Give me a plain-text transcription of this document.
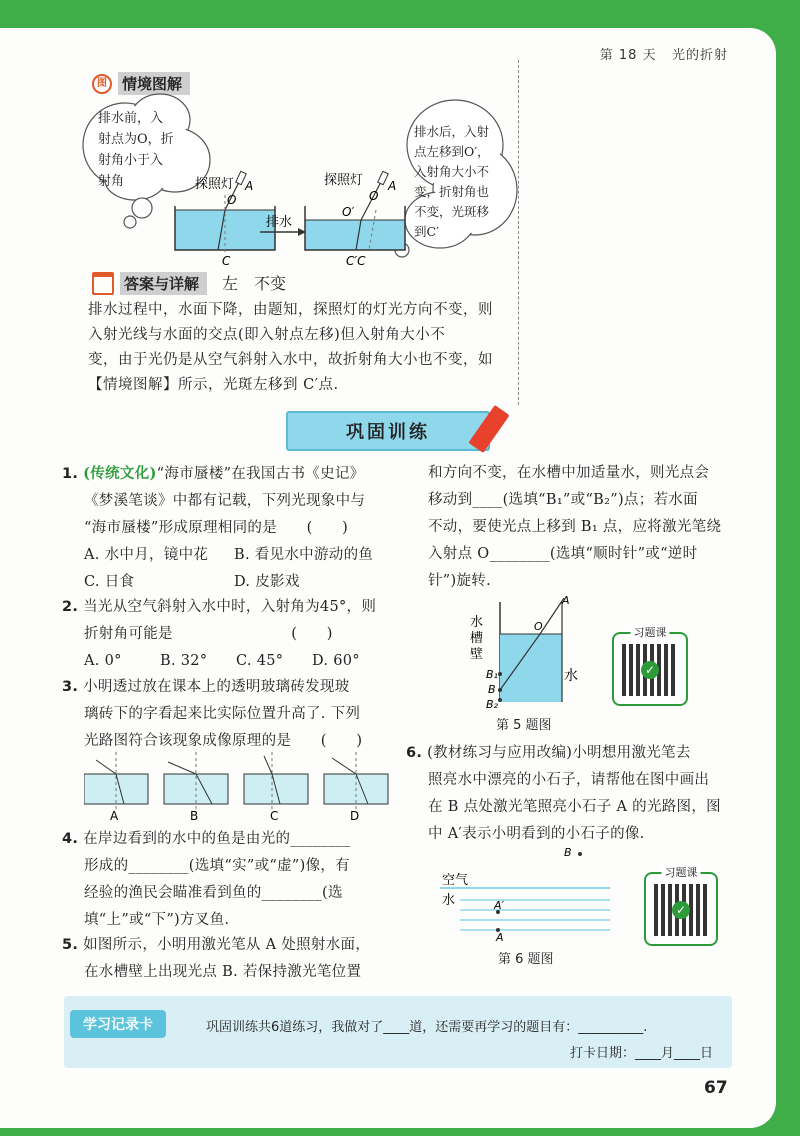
第 18 天 光的折射
图	情境图解
探照灯 A
O
C
排水
探照灯 A
O′
O
C′C
排水前，入
射点为O，折
射角小于入
射角
排水后，入射
点左移到O′，
入射角大小不
变，折射角也
不变，光斑移
到C′
答案与详解	左　不变
排水过程中，水面下降，由题知，探照灯的灯光方向不变，则
入射光线与水面的交点(即入射点左移)但入射角大小不
变，由于光仍是从空气斜射入水中，故折射角大小也不变，如
【情境图解】所示，光斑左移到 C′点.
巩固训练
1. (传统文化)“海市蜃楼”在我国古书《史记》
《梦溪笔谈》中都有记载，下列光现象中与
“海市蜃楼”形成原理相同的是　　(　　)
A. 水中月，镜中花	B. 看见水中游动的鱼
C. 日食	D. 皮影戏
2. 当光从空气斜射入水中时，入射角为45°，则
折射角可能是　　　　　　　　(　　)
A. 0°	B. 32°	C. 45°	D. 60°
3. 小明透过放在课本上的透明玻璃砖发现玻
璃砖下的字看起来比实际位置升高了. 下列
光路图符合该现象成像原理的是　　(　　)
A	B	C	D
4. 在岸边看到的水中的鱼是由光的________
形成的________(选填“实”或“虚”)像，有
经验的渔民会瞄准看到鱼的________(选
填“上”或“下”)方叉鱼.
5. 如图所示，小明用激光笔从 A 处照射水面，
在水槽壁上出现光点 B. 若保持激光笔位置
和方向不变，在水槽中加适量水，则光点会
移动到____(选填“B₁”或“B₂”)点；若水面
不动，要使光点上移到 B₁ 点，应将激光笔绕
入射点 O________(选填“顺时针”或“逆时
针”)旋转.
水
槽
壁
水
A
O
B₁
B
B₂
第 5 题图
习题课
✓
6. (教材练习与应用改编)小明想用激光笔去
照亮水中漂亮的小石子，请帮他在图中画出
在 B 点处激光笔照亮小石子 A 的光路图，图
中 A′表示小明看到的小石子的像.
B
空气
水	A′
A
第 6 题图
习题课
✓
学习记录卡	巩固训练共6道练习，我做对了____道，还需要再学习的题目有：__________.
打卡日期：____月____日
67
